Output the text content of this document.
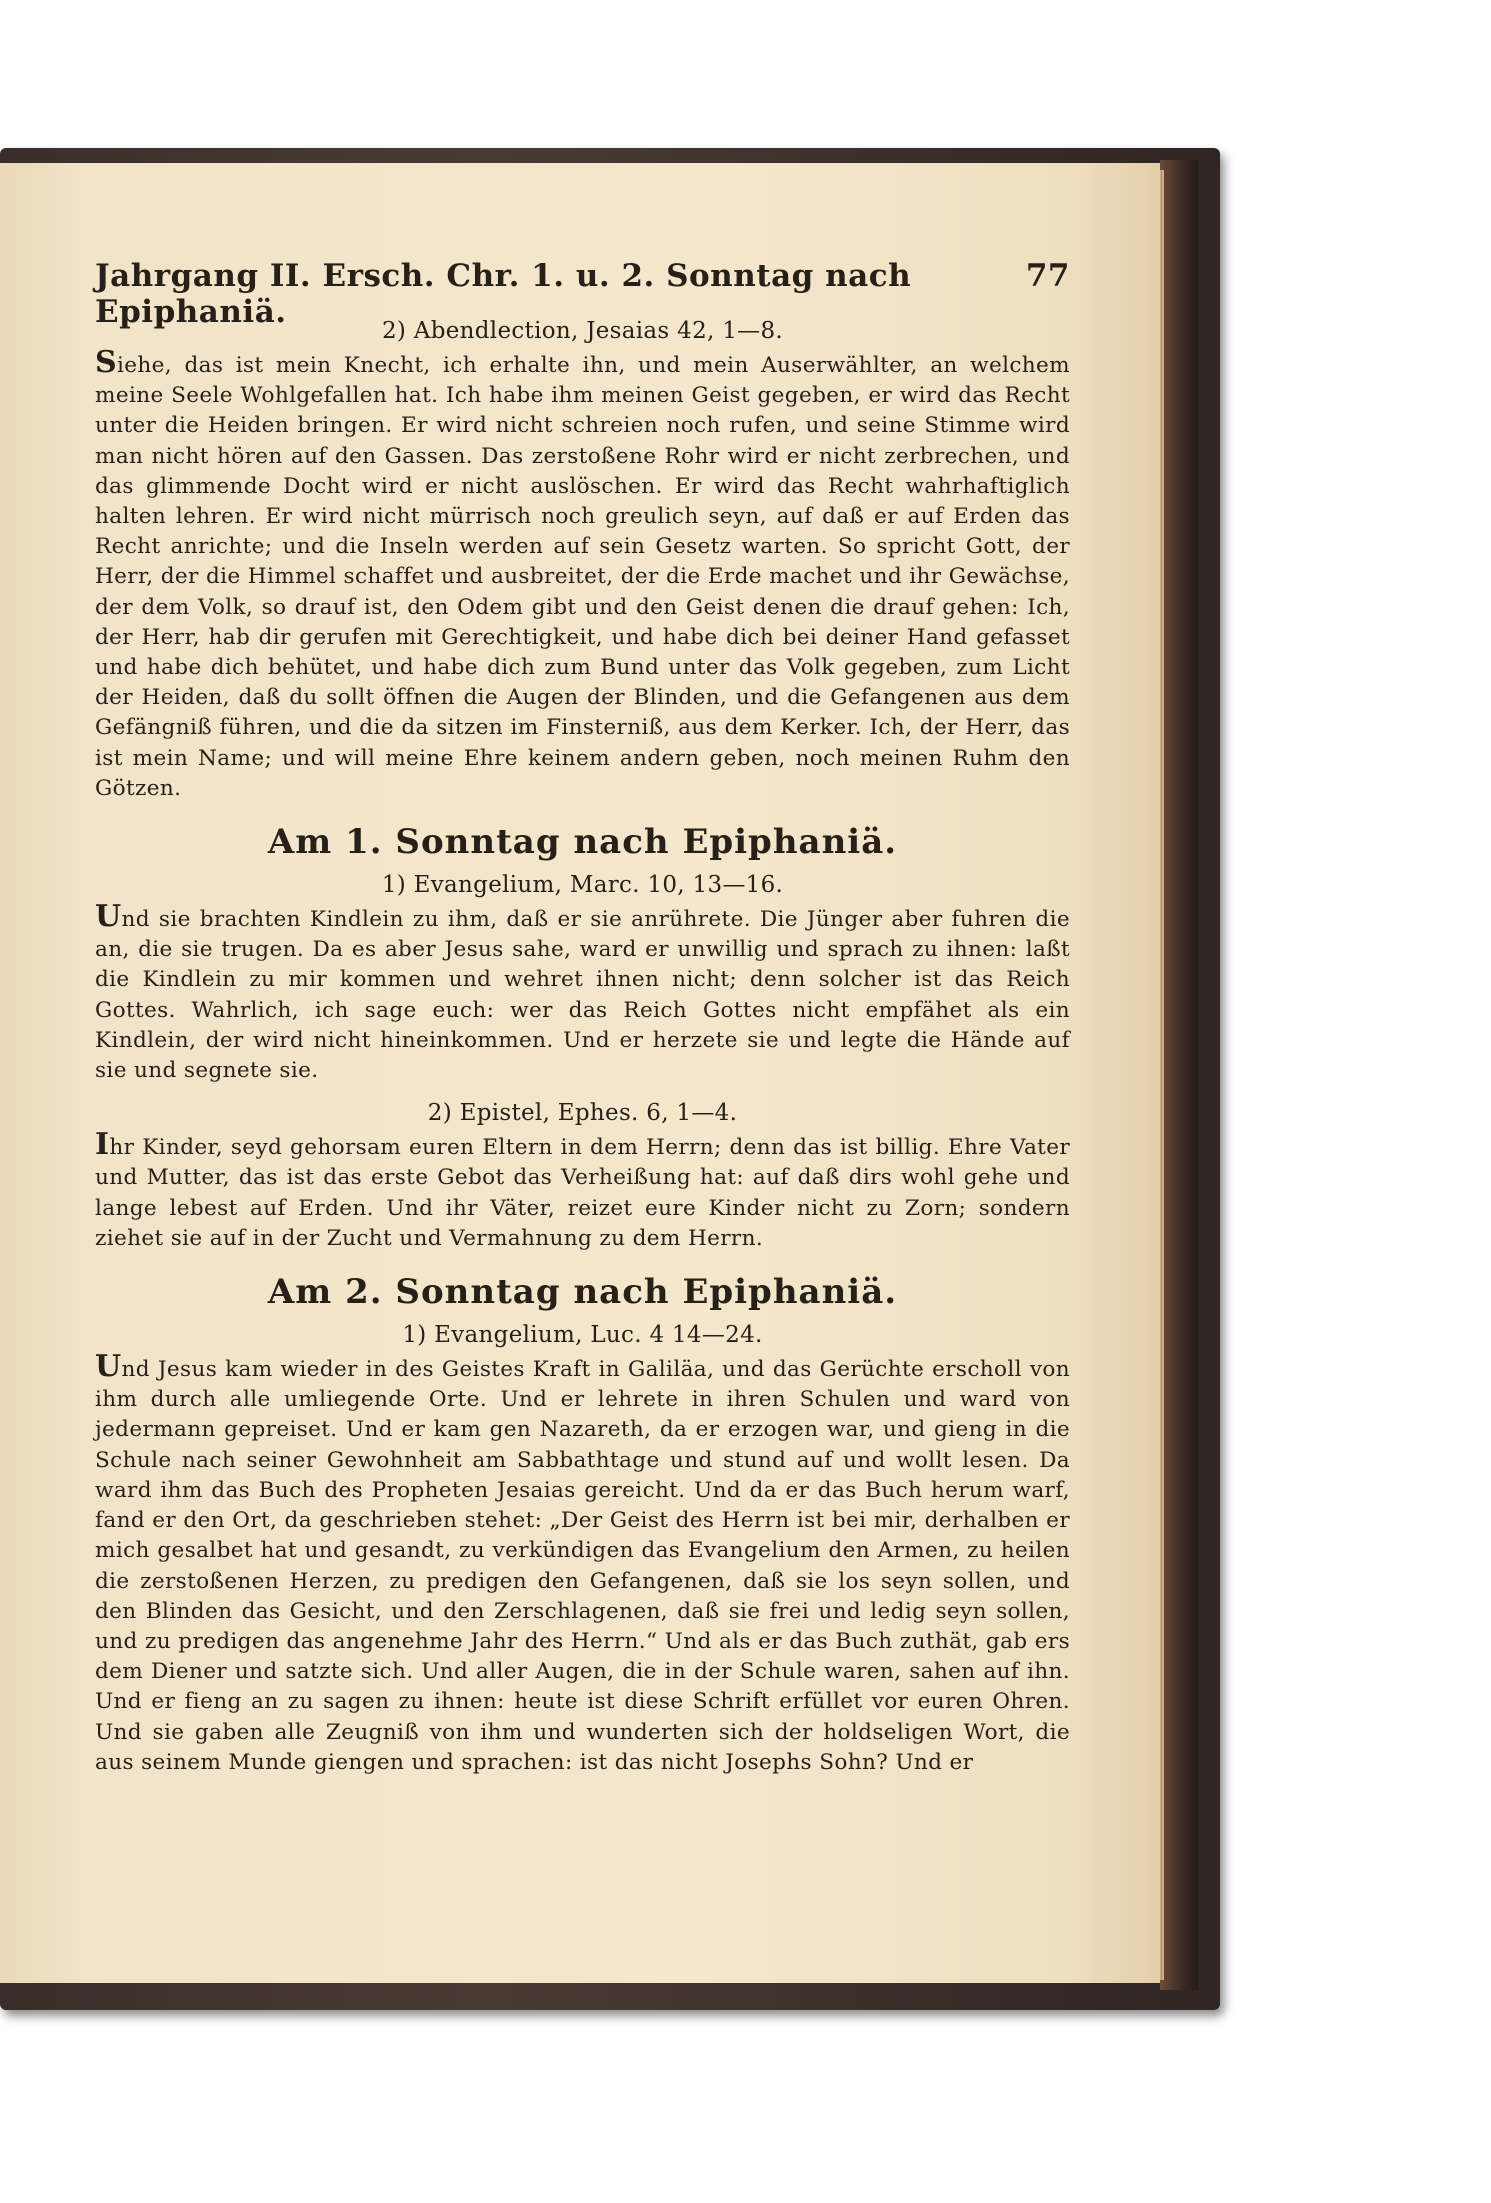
Jahrgang II. Ersch. Chr. 1. u. 2. Sonntag nach Epiphaniä.
77
2) Abendlection, Jesaias 42, 1—8.

Siehe, das ist mein Knecht, ich erhalte ihn, und mein Auserwählter, an welchem meine Seele Wohlgefallen hat. Ich habe ihm meinen Geist gegeben, er wird das Recht unter die Heiden bringen. Er wird nicht schreien noch rufen, und seine Stimme wird man nicht hören auf den Gassen. Das zerstoßene Rohr wird er nicht zerbrechen, und das glimmende Docht wird er nicht auslöschen. Er wird das Recht wahrhaftiglich halten lehren. Er wird nicht mürrisch noch greulich seyn, auf daß er auf Erden das Recht anrichte; und die Inseln werden auf sein Gesetz warten. So spricht Gott, der Herr, der die Himmel schaffet und ausbreitet, der die Erde machet und ihr Gewächse, der dem Volk, so drauf ist, den Odem gibt und den Geist denen die drauf gehen: Ich, der Herr, hab dir gerufen mit Gerechtigkeit, und habe dich bei deiner Hand gefasset und habe dich behütet, und habe dich zum Bund unter das Volk gegeben, zum Licht der Heiden, daß du sollt öffnen die Augen der Blinden, und die Gefangenen aus dem Gefängniß führen, und die da sitzen im Finsterniß, aus dem Kerker. Ich, der Herr, das ist mein Name; und will meine Ehre keinem andern geben, noch meinen Ruhm den Götzen.

Am 1. Sonntag nach Epiphaniä.
1) Evangelium, Marc. 10, 13—16.

Und sie brachten Kindlein zu ihm, daß er sie anrührete. Die Jünger aber fuhren die an, die sie trugen. Da es aber Jesus sahe, ward er unwillig und sprach zu ihnen: laßt die Kindlein zu mir kommen und wehret ihnen nicht; denn solcher ist das Reich Gottes. Wahrlich, ich sage euch: wer das Reich Gottes nicht empfähet als ein Kindlein, der wird nicht hineinkommen. Und er herzete sie und legte die Hände auf sie und segnete sie.

2) Epistel, Ephes. 6, 1—4.

Ihr Kinder, seyd gehorsam euren Eltern in dem Herrn; denn das ist billig. Ehre Vater und Mutter, das ist das erste Gebot das Verheißung hat: auf daß dirs wohl gehe und lange lebest auf Erden. Und ihr Väter, reizet eure Kinder nicht zu Zorn; sondern ziehet sie auf in der Zucht und Vermahnung zu dem Herrn.

Am 2. Sonntag nach Epiphaniä.
1) Evangelium, Luc. 4 14—24.

Und Jesus kam wieder in des Geistes Kraft in Galiläa, und das Gerüchte erscholl von ihm durch alle umliegende Orte. Und er lehrete in ihren Schulen und ward von jedermann gepreiset. Und er kam gen Nazareth, da er erzogen war, und gieng in die Schule nach seiner Gewohnheit am Sabbathtage und stund auf und wollt lesen. Da ward ihm das Buch des Propheten Jesaias gereicht. Und da er das Buch herum warf, fand er den Ort, da geschrieben stehet: „Der Geist des Herrn ist bei mir, derhalben er mich gesalbet hat und gesandt, zu verkündigen das Evangelium den Armen, zu heilen die zerstoßenen Herzen, zu predigen den Gefangenen, daß sie los seyn sollen, und den Blinden das Gesicht, und den Zerschlagenen, daß sie frei und ledig seyn sollen, und zu predigen das angenehme Jahr des Herrn.“ Und als er das Buch zuthät, gab ers dem Diener und satzte sich. Und aller Augen, die in der Schule waren, sahen auf ihn. Und er fieng an zu sagen zu ihnen: heute ist diese Schrift erfüllet vor euren Ohren. Und sie gaben alle Zeugniß von ihm und wunderten sich der holdseligen Wort, die aus seinem Munde giengen und sprachen: ist das nicht Josephs Sohn? Und er
